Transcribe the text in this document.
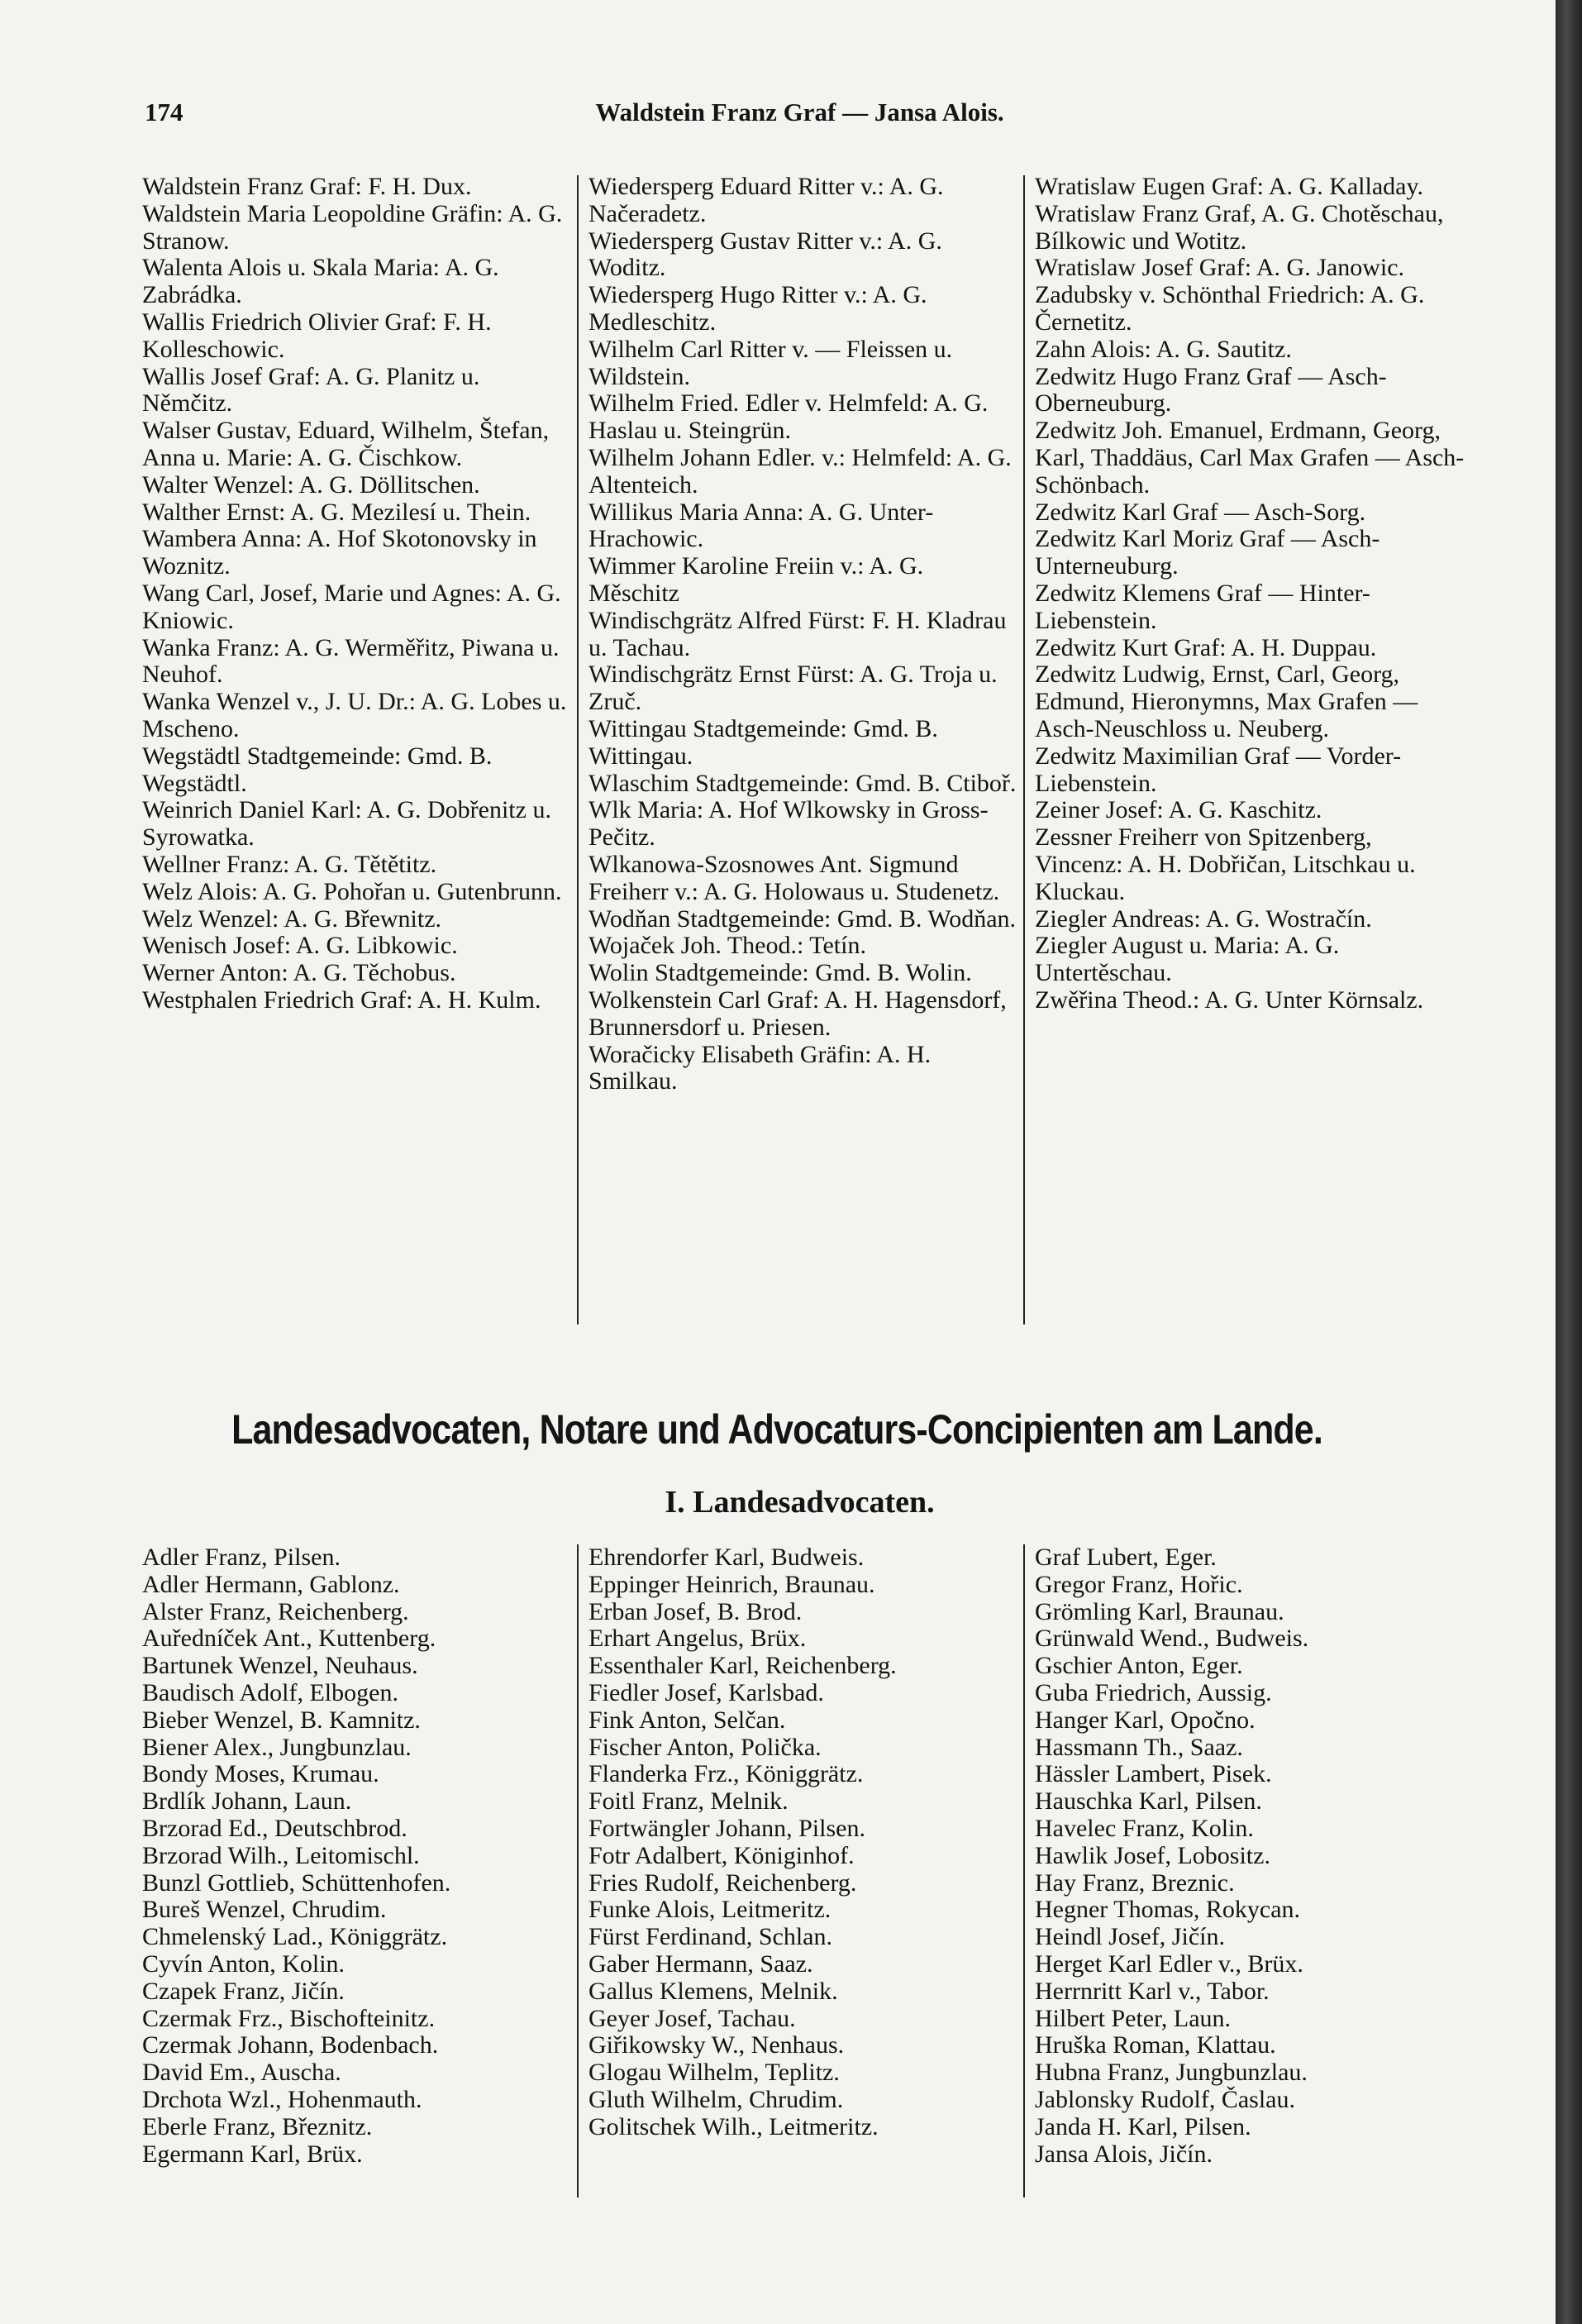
174	Waldstein Franz Graf — Jansa Alois.

Waldstein Franz Graf: F. H. Dux.

Waldstein Maria Leopoldine Gräfin: A. G. Stranow.

Walenta Alois u. Skala Maria: A. G. Zabrádka.

Wallis Friedrich Olivier Graf: F. H. Kolleschowic.

Wallis Josef Graf: A. G. Planitz u. Němčitz.

Walser Gustav, Eduard, Wilhelm, Štefan, Anna u. Marie: A. G. Čischkow.

Walter Wenzel: A. G. Döllitschen.

Walther Ernst: A. G. Mezilesí u. Thein.

Wambera Anna: A. Hof Skotonovsky in Woznitz.

Wang Carl, Josef, Marie und Agnes: A. G. Kniowic.

Wanka Franz: A. G. Werměřitz, Piwana u. Neuhof.

Wanka Wenzel v., J. U. Dr.: A. G. Lobes u. Mscheno.

Wegstädtl Stadtgemeinde: Gmd. B. Wegstädtl.

Weinrich Daniel Karl: A. G. Dobřenitz u. Syrowatka.

Wellner Franz: A. G. Tětětitz.

Welz Alois: A. G. Pohořan u. Gutenbrunn.

Welz Wenzel: A. G. Břewnitz.

Wenisch Josef: A. G. Libkowic.

Werner Anton: A. G. Těchobus.

Westphalen Friedrich Graf: A. H. Kulm.

Wiedersperg Eduard Ritter v.: A. G. Načeradetz.

Wiedersperg Gustav Ritter v.: A. G. Woditz.

Wiedersperg Hugo Ritter v.: A. G. Medleschitz.

Wilhelm Carl Ritter v. — Fleissen u. Wildstein.

Wilhelm Fried. Edler v. Helmfeld: A. G. Haslau u. Steingrün.

Wilhelm Johann Edler. v.: Helmfeld: A. G. Altenteich.

Willikus Maria Anna: A. G. Unter-Hrachowic.

Wimmer Karoline Freiin v.: A. G. Měschitz

Windischgrätz Alfred Fürst: F. H. Kladrau u. Tachau.

Windischgrätz Ernst Fürst: A. G. Troja u. Zruč.

Wittingau Stadtgemeinde: Gmd. B. Wittingau.

Wlaschim Stadtgemeinde: Gmd. B. Ctiboř.

Wlk Maria: A. Hof Wlkowsky in Gross-Pečitz.

Wlkanowa-Szosnowes Ant. Sigmund Freiherr v.: A. G. Holowaus u. Studenetz.

Wodňan Stadtgemeinde: Gmd. B. Wodňan.

Wojaček Joh. Theod.: Tetín.

Wolin Stadtgemeinde: Gmd. B. Wolin.

Wolkenstein Carl Graf: A. H. Hagensdorf, Brunnersdorf u. Priesen.

Woračicky Elisabeth Gräfin: A. H. Smilkau.

Wratislaw Eugen Graf: A. G. Kalladay.

Wratislaw Franz Graf, A. G. Chotěschau, Bílkowic und Wotitz.

Wratislaw Josef Graf: A. G. Janowic.

Zadubsky v. Schönthal Friedrich: A. G. Černetitz.

Zahn Alois: A. G. Sautitz.

Zedwitz Hugo Franz Graf — Asch-Oberneuburg.

Zedwitz Joh. Emanuel, Erdmann, Georg, Karl, Thaddäus, Carl Max Grafen — Asch-Schönbach.

Zedwitz Karl Graf — Asch-Sorg.

Zedwitz Karl Moriz Graf — Asch-Unterneuburg.

Zedwitz Klemens Graf — Hinter-Liebenstein.

Zedwitz Kurt Graf: A. H. Duppau.

Zedwitz Ludwig, Ernst, Carl, Georg, Edmund, Hieronymns, Max Grafen — Asch-Neuschloss u. Neuberg.

Zedwitz Maximilian Graf — Vorder-Liebenstein.

Zeiner Josef: A. G. Kaschitz.

Zessner Freiherr von Spitzenberg, Vincenz: A. H. Dobřičan, Litschkau u. Kluckau.

Ziegler Andreas: A. G. Wostračín.

Ziegler August u. Maria: A. G. Untertěschau.

Zwěřina Theod.: A. G. Unter Körnsalz.

Landesadvocaten, Notare und Advocaturs-Concipienten am Lande.
I. Landesadvocaten.

Adler Franz, Pilsen.

Adler Hermann, Gablonz.

Alster Franz, Reichenberg.

Auředníček Ant., Kuttenberg.

Bartunek Wenzel, Neuhaus.

Baudisch Adolf, Elbogen.

Bieber Wenzel, B. Kamnitz.

Biener Alex., Jungbunzlau.

Bondy Moses, Krumau.

Brdlík Johann, Laun.

Brzorad Ed., Deutschbrod.

Brzorad Wilh., Leitomischl.

Bunzl Gottlieb, Schüttenhofen.

Bureš Wenzel, Chrudim.

Chmelenský Lad., Königgrätz.

Cyvín Anton, Kolin.

Czapek Franz, Jičín.

Czermak Frz., Bischofteinitz.

Czermak Johann, Bodenbach.

David Em., Auscha.

Drchota Wzl., Hohenmauth.

Eberle Franz, Březnitz.

Egermann Karl, Brüx.

Ehrendorfer Karl, Budweis.

Eppinger Heinrich, Braunau.

Erban Josef, B. Brod.

Erhart Angelus, Brüx.

Essenthaler Karl, Reichenberg.

Fiedler Josef, Karlsbad.

Fink Anton, Selčan.

Fischer Anton, Polička.

Flanderka Frz., Königgrätz.

Foitl Franz, Melnik.

Fortwängler Johann, Pilsen.

Fotr Adalbert, Königinhof.

Fries Rudolf, Reichenberg.

Funke Alois, Leitmeritz.

Fürst Ferdinand, Schlan.

Gaber Hermann, Saaz.

Gallus Klemens, Melnik.

Geyer Josef, Tachau.

Giřikowsky W., Nenhaus.

Glogau Wilhelm, Teplitz.

Gluth Wilhelm, Chrudim.

Golitschek Wilh., Leitmeritz.

Graf Lubert, Eger.

Gregor Franz, Hořic.

Grömling Karl, Braunau.

Grünwald Wend., Budweis.

Gschier Anton, Eger.

Guba Friedrich, Aussig.

Hanger Karl, Opočno.

Hassmann Th., Saaz.

Hässler Lambert, Pisek.

Hauschka Karl, Pilsen.

Havelec Franz, Kolin.

Hawlik Josef, Lobositz.

Hay Franz, Breznic.

Hegner Thomas, Rokycan.

Heindl Josef, Jičín.

Herget Karl Edler v., Brüx.

Herrnritt Karl v., Tabor.

Hilbert Peter, Laun.

Hruška Roman, Klattau.

Hubna Franz, Jungbunzlau.

Jablonsky Rudolf, Časlau.

Janda H. Karl, Pilsen.

Jansa Alois, Jičín.
